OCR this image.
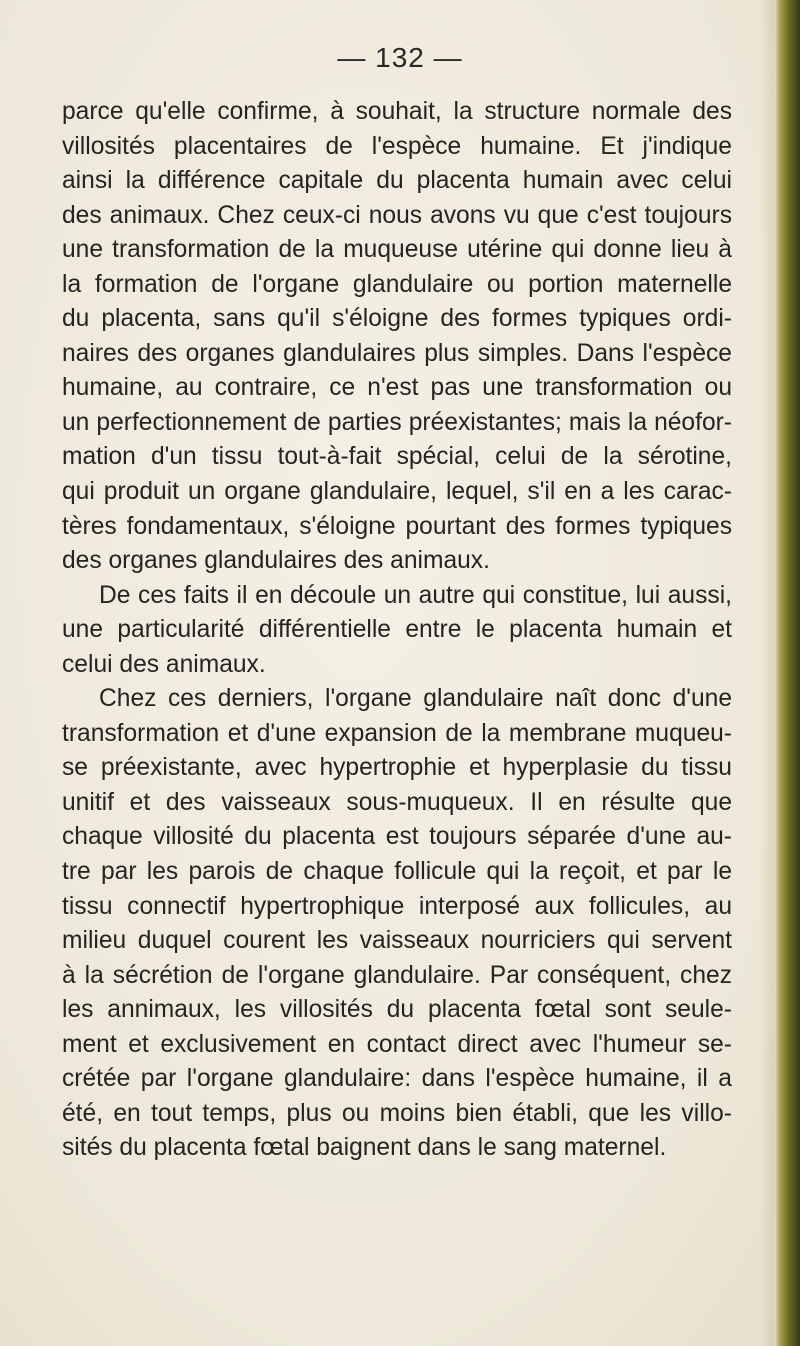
— 132 —
parce qu'elle confirme, à souhait, la structure normale des
villosités placentaires de l'espèce humaine. Et j'indique
ainsi la différence capitale du placenta humain avec celui
des animaux. Chez ceux-ci nous avons vu que c'est toujours
une transformation de la muqueuse utérine qui donne lieu à
la formation de l'organe glandulaire ou portion maternelle
du placenta, sans qu'il s'éloigne des formes typiques ordi-
naires des organes glandulaires plus simples. Dans l'espèce
humaine, au contraire, ce n'est pas une transformation ou
un perfectionnement de parties préexistantes; mais la néofor-
mation d'un tissu tout-à-fait spécial, celui de la sérotine,
qui produit un organe glandulaire, lequel, s'il en a les carac-
tères fondamentaux, s'éloigne pourtant des formes typiques
des organes glandulaires des animaux.
De ces faits il en découle un autre qui constitue, lui aussi,
une particularité différentielle entre le placenta humain et
celui des animaux.
Chez ces derniers, l'organe glandulaire naît donc d'une
transformation et d'une expansion de la membrane muqueu-
se préexistante, avec hypertrophie et hyperplasie du tissu
unitif et des vaisseaux sous-muqueux. Il en résulte que
chaque villosité du placenta est toujours séparée d'une au-
tre par les parois de chaque follicule qui la reçoit, et par le
tissu connectif hypertrophique interposé aux follicules, au
milieu duquel courent les vaisseaux nourriciers qui servent
à la sécrétion de l'organe glandulaire. Par conséquent, chez
les annimaux, les villosités du placenta fœtal sont seule-
ment et exclusivement en contact direct avec l'humeur se-
crétée par l'organe glandulaire: dans l'espèce humaine, il a
été, en tout temps, plus ou moins bien établi, que les villo-
sités du placenta fœtal baignent dans le sang maternel.
